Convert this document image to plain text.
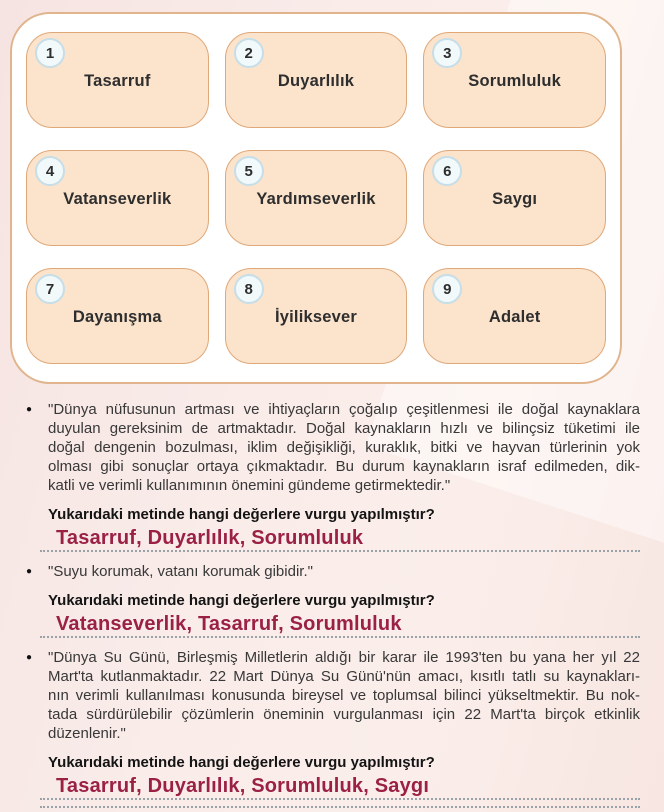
1
Tasarruf
2
Duyarlılık
3
Sorumluluk
4
Vatanseverlik
5
Yardımseverlik
6
Saygı
7
Dayanışma
8
İyiliksever
9
Adalet
●	"Dünya nüfusunun artması ve ihtiyaçların çoğalıp çeşitlenmesi ile doğal kaynaklara
duyulan gereksinim de artmaktadır. Doğal kaynakların hızlı ve bilinçsiz tüketimi ile
doğal dengenin bozulması, iklim değişikliği, kuraklık, bitki ve hayvan türlerinin yok
olması gibi sonuçlar ortaya çıkmaktadır. Bu durum kaynakların israf edilmeden, dik-
katli ve verimli kullanımının önemini gündeme getirmektedir."
Yukarıdaki metinde hangi değerlere vurgu yapılmıştır?
Tasarruf, Duyarlılık, Sorumluluk
●	"Suyu korumak, vatanı korumak gibidir."
Yukarıdaki metinde hangi değerlere vurgu yapılmıştır?
Vatanseverlik, Tasarruf, Sorumluluk
●	"Dünya Su Günü, Birleşmiş Milletlerin aldığı bir karar ile 1993'ten bu yana her yıl 22
Mart'ta kutlanmaktadır. 22 Mart Dünya Su Günü'nün amacı, kısıtlı tatlı su kaynakları-
nın verimli kullanılması konusunda bireysel ve toplumsal bilinci yükseltmektir. Bu nok-
tada sürdürülebilir çözümlerin öneminin vurgulanması için 22 Mart'ta birçok etkinlik
düzenlenir."
Yukarıdaki metinde hangi değerlere vurgu yapılmıştır?
Tasarruf, Duyarlılık, Sorumluluk, Saygı
